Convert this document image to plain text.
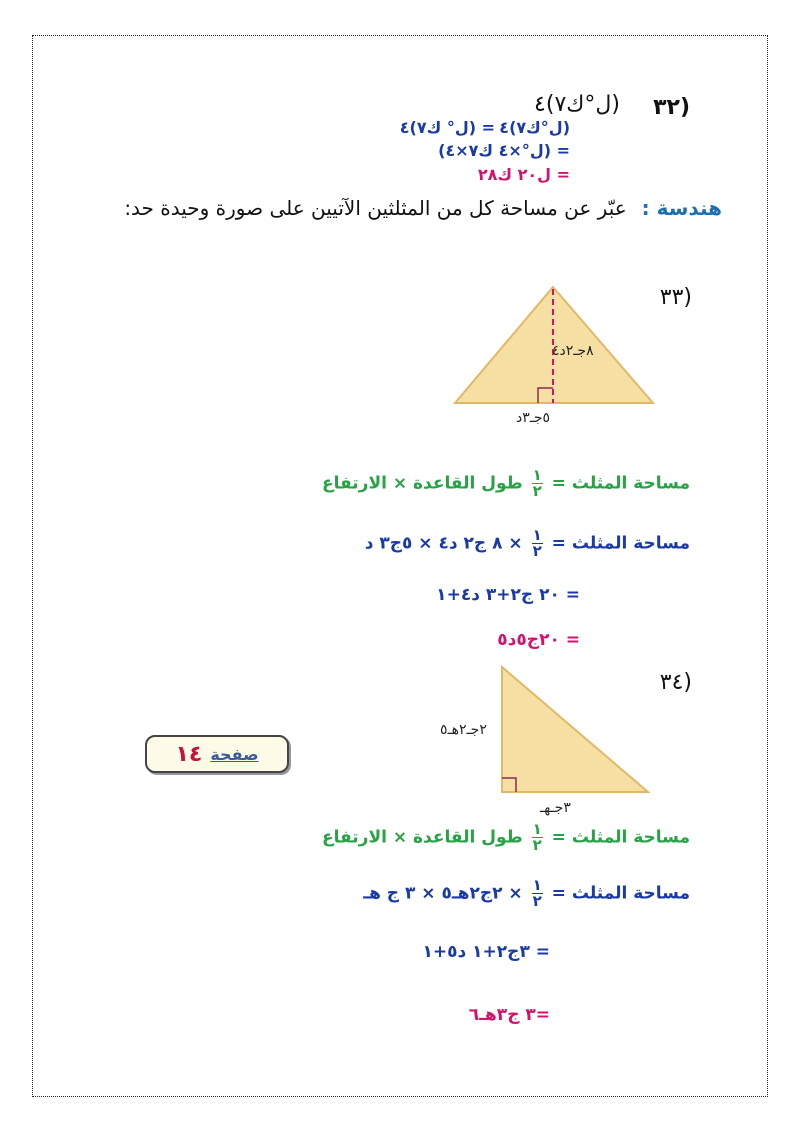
(٣٢
(ل°ك٧)٤
(ل°ك٧)٤
= (ل° ك٧)٤
= (ل°×٤ ك٧×٤)
= ل٢٠ ك٢٨
هندسة : عبّر عن مساحة كل من المثلثين الآتيين على صورة وحيدة حد:
(٣٣
٨جـ٢د٤
٥جـ٣د
مساحة المثلث =
$\frac{١}{٢}$
طول القاعدة × الارتفاع
مساحة المثلث =
$\frac{١}{٢}$
× ٨ ج٢ د٤ × ٥ج٣ د
= ٢٠ ج٢+٣ د٤+١
= ٢٠ج٥د٥
(٣٤
٢جـ٢هـ٥
٣جـهـ
مساحة المثلث =
$\frac{١}{٢}$
طول القاعدة × الارتفاع
مساحة المثلث =
$\frac{١}{٢}$
× ٢ج٢هـ٥ × ٣ ج هـ
= ٣ج٢+١ د٥+١
=٣ ج٣هـ٦
صفحة
١٤
